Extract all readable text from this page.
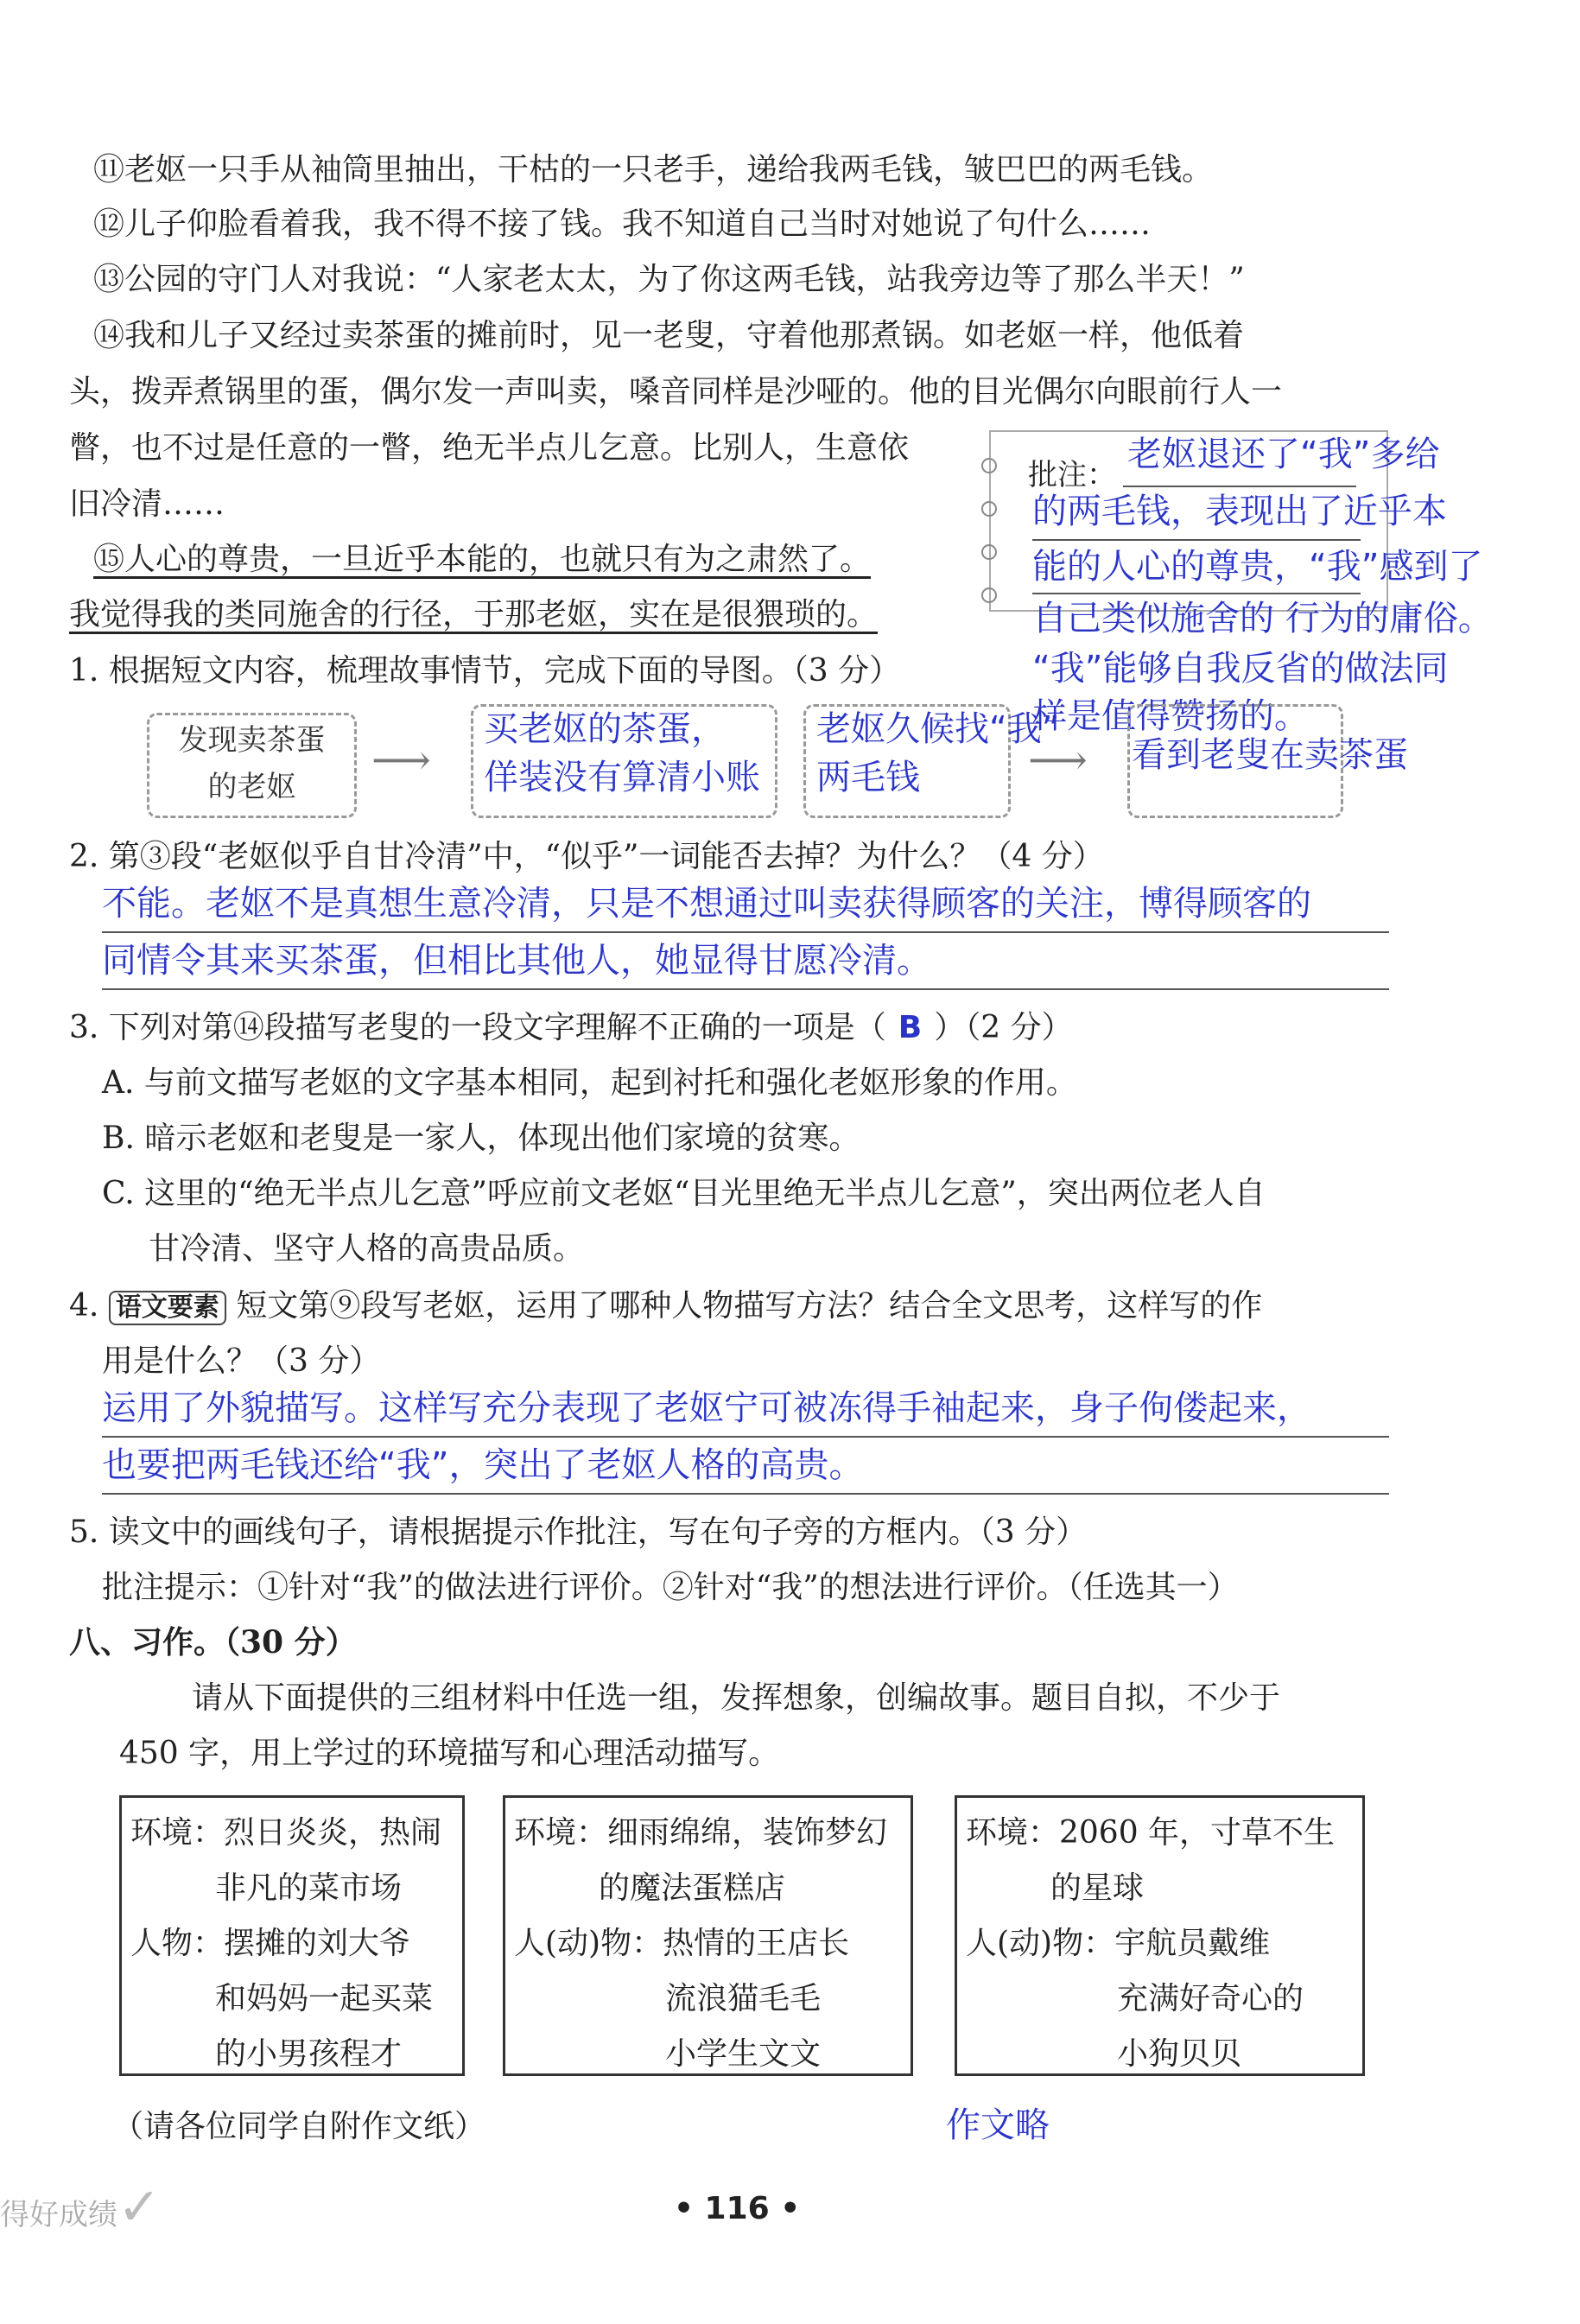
⑪老妪一只手从袖筒里抽出，干枯的一只老手，递给我两毛钱，皱巴巴的两毛钱。
⑫儿子仰脸看着我，我不得不接了钱。我不知道自己当时对她说了句什么……
⑬公园的守门人对我说：“人家老太太，为了你这两毛钱，站我旁边等了那么半天！”
⑭我和儿子又经过卖茶蛋的摊前时，见一老叟，守着他那煮锅。如老妪一样，他低着
头，拨弄煮锅里的蛋，偶尔发一声叫卖，嗓音同样是沙哑的。他的目光偶尔向眼前行人一
瞥，也不过是任意的一瞥，绝无半点儿乞意。比别人，生意依
旧冷清……
⑮人心的尊贵，一旦近乎本能的，也就只有为之肃然了。
我觉得我的类同施舍的行径，于那老妪，实在是很猥琐的。
批注：
老妪退还了“我”多给
的两毛钱，表现出了近乎本
能的人心的尊贵，“我”感到了
自己类似施舍的 行为的庸俗。
“我”能够自我反省的做法同
样是值得赞扬的。
1. 根据短文内容，梳理故事情节，完成下面的导图。（3 分）
发现卖茶蛋
的老妪
⟶
买老妪的茶蛋，
佯装没有算清小账
老妪久候找“我”
两毛钱	⟶ 看到老叟在卖茶蛋
2. 第③段“老妪似乎自甘冷清”中，“似乎”一词能否去掉？为什么？（4 分）
不能。老妪不是真想生意冷清，只是不想通过叫卖获得顾客的关注，博得顾客的
同情令其来买茶蛋，但相比其他人，她显得甘愿冷清。
3. 下列对第⑭段描写老叟的一段文字理解不正确的一项是（ B ）（2 分）
A. 与前文描写老妪的文字基本相同，起到衬托和强化老妪形象的作用。
B. 暗示老妪和老叟是一家人，体现出他们家境的贫寒。
C. 这里的“绝无半点儿乞意”呼应前文老妪“目光里绝无半点儿乞意”，突出两位老人自
甘冷清、坚守人格的高贵品质。
4. 语文要素 短文第⑨段写老妪，运用了哪种人物描写方法？结合全文思考，这样写的作
用是什么？（3 分）
运用了外貌描写。这样写充分表现了老妪宁可被冻得手袖起来，身子佝偻起来，
也要把两毛钱还给“我”，突出了老妪人格的高贵。
5. 读文中的画线句子，请根据提示作批注，写在句子旁的方框内。（3 分）
批注提示：①针对“我”的做法进行评价。②针对“我”的想法进行评价。（任选其一）
八、习作。（30 分）
请从下面提供的三组材料中任选一组，发挥想象，创编故事。题目自拟，不少于
450 字，用上学过的环境描写和心理活动描写。
环境：烈日炎炎，热闹
非凡的菜市场
人物：摆摊的刘大爷
和妈妈一起买菜
的小男孩程才
环境：细雨绵绵，装饰梦幻
的魔法蛋糕店
人(动)物：热情的王店长
流浪猫毛毛
小学生文文
环境：2060 年，寸草不生
的星球
人(动)物：宇航员戴维
充满好奇心的
小狗贝贝
（请各位同学自附作文纸）	作文略
• 116 •
得好成绩✓
